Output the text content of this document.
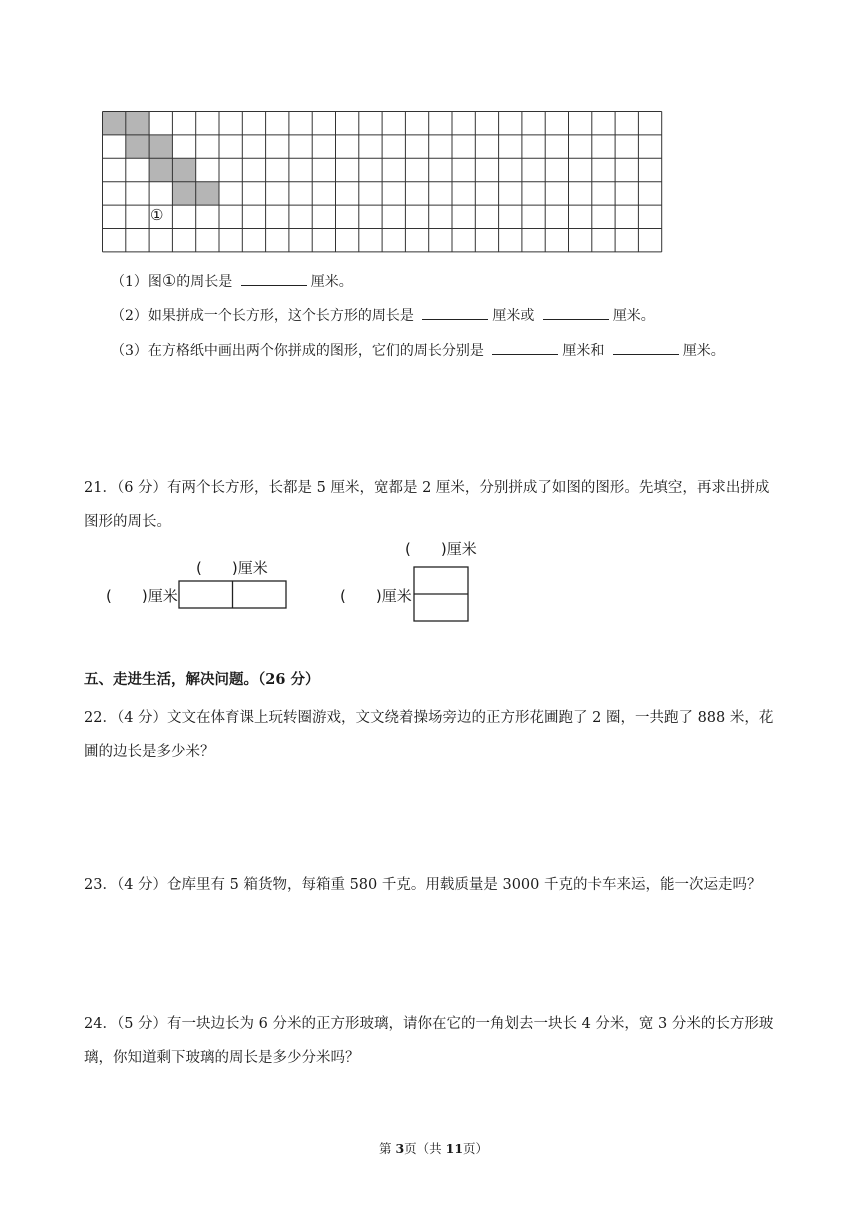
①
（1）图①的周长是	厘米。
（2）如果拼成一个长方形，这个长方形的周长是	厘米或	厘米。
（3）在方格纸中画出两个你拼成的图形，它们的周长分别是	厘米和	厘米。
21．（6 分）有两个长方形，长都是 5 厘米，宽都是 2 厘米，分别拼成了如图的图形。先填空，再求出拼成
图形的周长。
(　　)厘米
(　　)厘米
(　　)厘米
(　　)厘米
五、走进生活，解决问题。（26 分）
22．（4 分）文文在体育课上玩转圈游戏，文文绕着操场旁边的正方形花圃跑了 2 圈，一共跑了 888 米，花
圃的边长是多少米？
23．（4 分）仓库里有 5 箱货物，每箱重 580 千克。用载质量是 3000 千克的卡车来运，能一次运走吗？
24．（5 分）有一块边长为 6 分米的正方形玻璃，请你在它的一角划去一块长 4 分米，宽 3 分米的长方形玻
璃，你知道剩下玻璃的周长是多少分米吗？
第 3页（共 11页）
